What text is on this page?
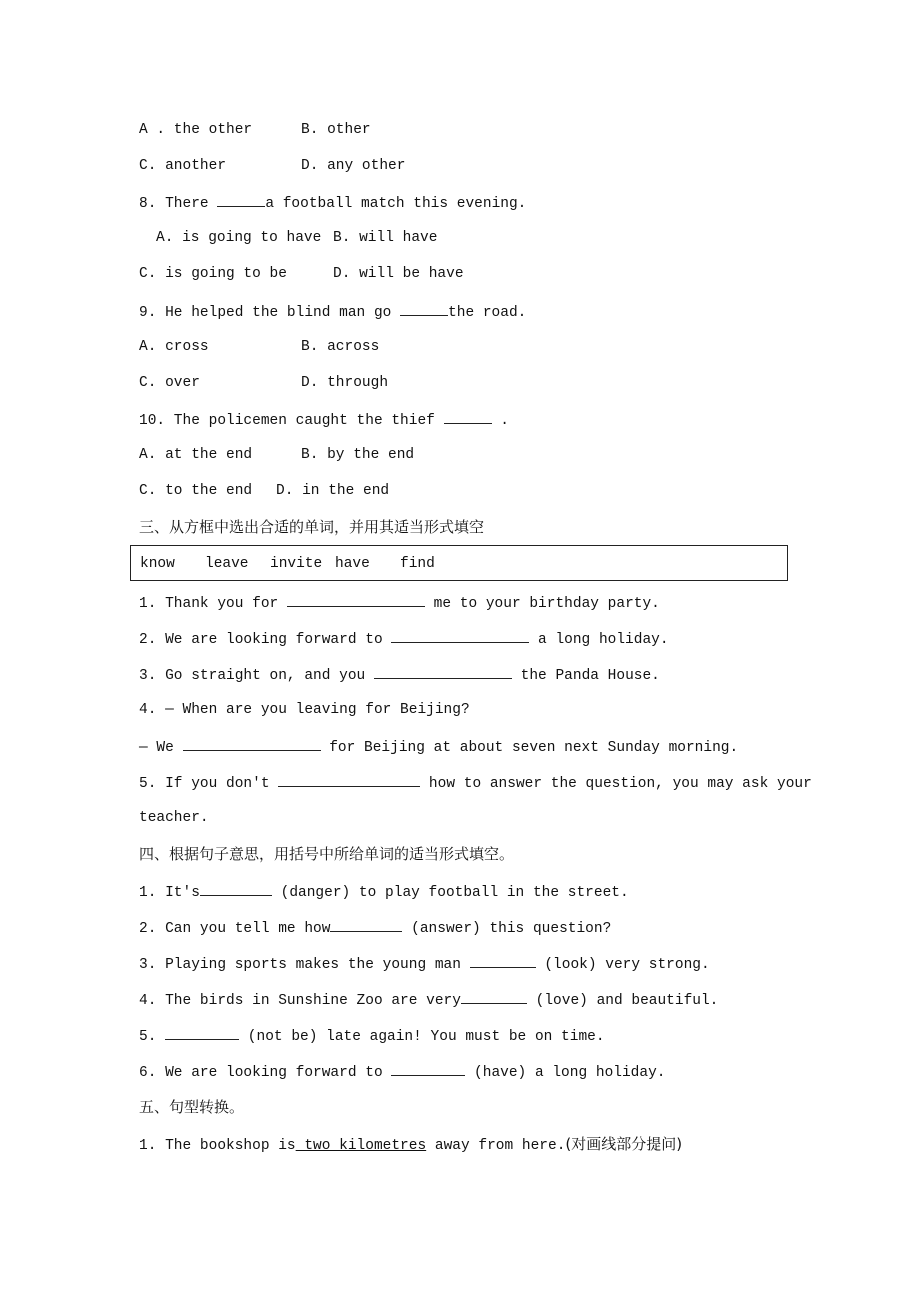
A . the other	B. other
C. another	D. any other
8. There	a football match this evening.
A. is going to have B. will have
C. is going to be	D. will be have
9. He helped the blind man go	the road.
A. cross	B. across
C. over	D. through
10. The policemen caught the thief	.
A. at the end	B. by the end
C. to the end D. in the end
三、从方框中选出合适的单词，并用其适当形式填空
know leave invite have find
1. Thank you for	me to your birthday party.
2. We are looking forward to	a long holiday.
3. Go straight on, and you	the Panda House.
4. — When are you leaving for Beijing?
— We	for Beijing at about seven next Sunday morning.
5. If you don't	how to answer the question, you may ask your
teacher.
四、根据句子意思，用括号中所给单词的适当形式填空。
1. It's	(danger) to play football in the street.
2. Can you tell me how	(answer) this question?
3. Playing sports makes the young man	(look) very strong.
4. The birds in Sunshine Zoo are very	(love) and beautiful.
5.	(not be) late again! You must be on time.
6. We are looking forward to	(have) a long holiday.
五、句型转换。
1. The bookshop is two kilometres away from here.(对画线部分提问)
